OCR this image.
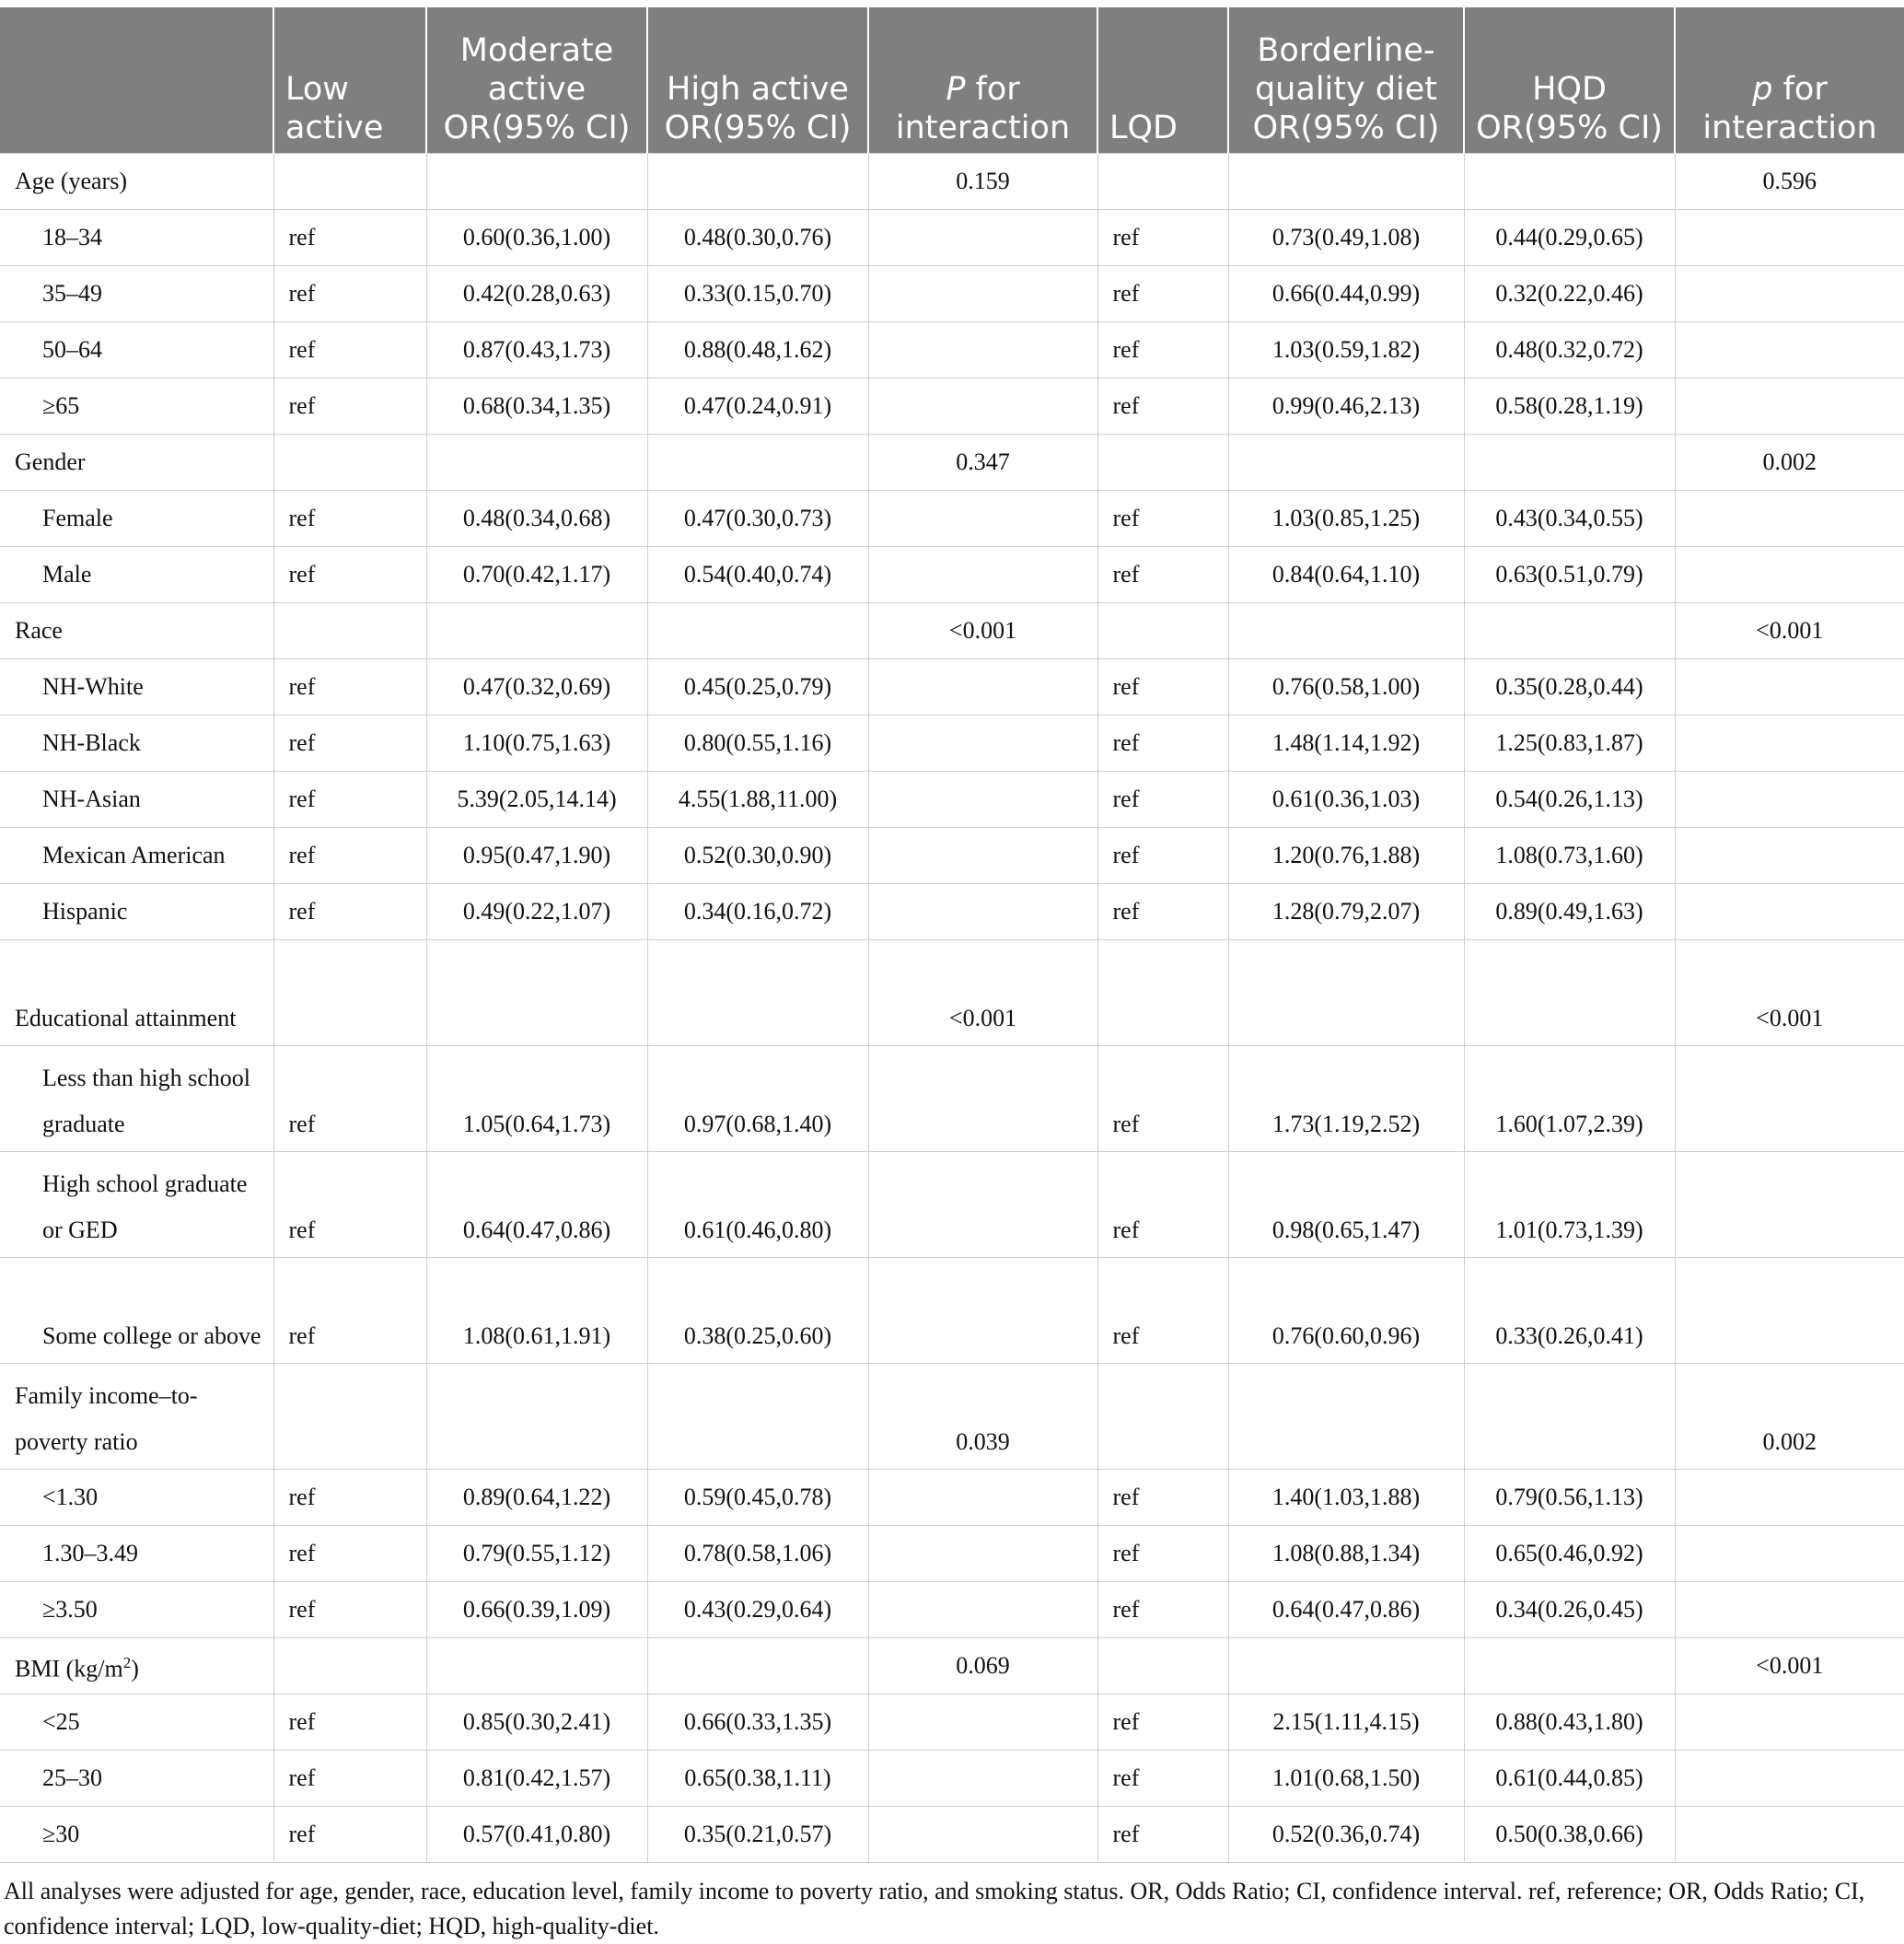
	Low active	Moderate active OR(95% CI)	High active OR(95% CI)	P for interaction	LQD	Borderline-quality diet OR(95% CI)	HQD OR(95% CI)	p for interaction
Age (years)				0.159				0.596
18–34	ref	0.60(0.36,1.00)	0.48(0.30,0.76)		ref	0.73(0.49,1.08)	0.44(0.29,0.65)	
35–49	ref	0.42(0.28,0.63)	0.33(0.15,0.70)		ref	0.66(0.44,0.99)	0.32(0.22,0.46)	
50–64	ref	0.87(0.43,1.73)	0.88(0.48,1.62)		ref	1.03(0.59,1.82)	0.48(0.32,0.72)	
≥65	ref	0.68(0.34,1.35)	0.47(0.24,0.91)		ref	0.99(0.46,2.13)	0.58(0.28,1.19)	
Gender				0.347				0.002
Female	ref	0.48(0.34,0.68)	0.47(0.30,0.73)		ref	1.03(0.85,1.25)	0.43(0.34,0.55)	
Male	ref	0.70(0.42,1.17)	0.54(0.40,0.74)		ref	0.84(0.64,1.10)	0.63(0.51,0.79)	
Race				<0.001				<0.001
NH-White	ref	0.47(0.32,0.69)	0.45(0.25,0.79)		ref	0.76(0.58,1.00)	0.35(0.28,0.44)	
NH-Black	ref	1.10(0.75,1.63)	0.80(0.55,1.16)		ref	1.48(1.14,1.92)	1.25(0.83,1.87)	
NH-Asian	ref	5.39(2.05,14.14)	4.55(1.88,11.00)		ref	0.61(0.36,1.03)	0.54(0.26,1.13)	
Mexican American	ref	0.95(0.47,1.90)	0.52(0.30,0.90)		ref	1.20(0.76,1.88)	1.08(0.73,1.60)	
Hispanic	ref	0.49(0.22,1.07)	0.34(0.16,0.72)		ref	1.28(0.79,2.07)	0.89(0.49,1.63)	
Educational attainment				<0.001				<0.001
Less than high school graduate	ref	1.05(0.64,1.73)	0.97(0.68,1.40)		ref	1.73(1.19,2.52)	1.60(1.07,2.39)	
High school graduate or GED	ref	0.64(0.47,0.86)	0.61(0.46,0.80)		ref	0.98(0.65,1.47)	1.01(0.73,1.39)	
Some college or above	ref	1.08(0.61,1.91)	0.38(0.25,0.60)		ref	0.76(0.60,0.96)	0.33(0.26,0.41)	
Family income–to-poverty ratio				0.039				0.002
<1.30	ref	0.89(0.64,1.22)	0.59(0.45,0.78)		ref	1.40(1.03,1.88)	0.79(0.56,1.13)	
1.30–3.49	ref	0.79(0.55,1.12)	0.78(0.58,1.06)		ref	1.08(0.88,1.34)	0.65(0.46,0.92)	
≥3.50	ref	0.66(0.39,1.09)	0.43(0.29,0.64)		ref	0.64(0.47,0.86)	0.34(0.26,0.45)	
BMI $(kg/m^2)$				0.069				<0.001
<25	ref	0.85(0.30,2.41)	0.66(0.33,1.35)		ref	2.15(1.11,4.15)	0.88(0.43,1.80)	
25–30	ref	0.81(0.42,1.57)	0.65(0.38,1.11)		ref	1.01(0.68,1.50)	0.61(0.44,0.85)	
≥30	ref	0.57(0.41,0.80)	0.35(0.21,0.57)		ref	0.52(0.36,0.74)	0.50(0.38,0.66)	
All analyses were adjusted for age, gender, race, education level, family income to poverty ratio, and smoking status. OR, Odds Ratio; CI, confidence interval. ref, reference; OR, Odds Ratio; CI, confidence interval; LQD, low-quality-diet; HQD, high-quality-diet.
